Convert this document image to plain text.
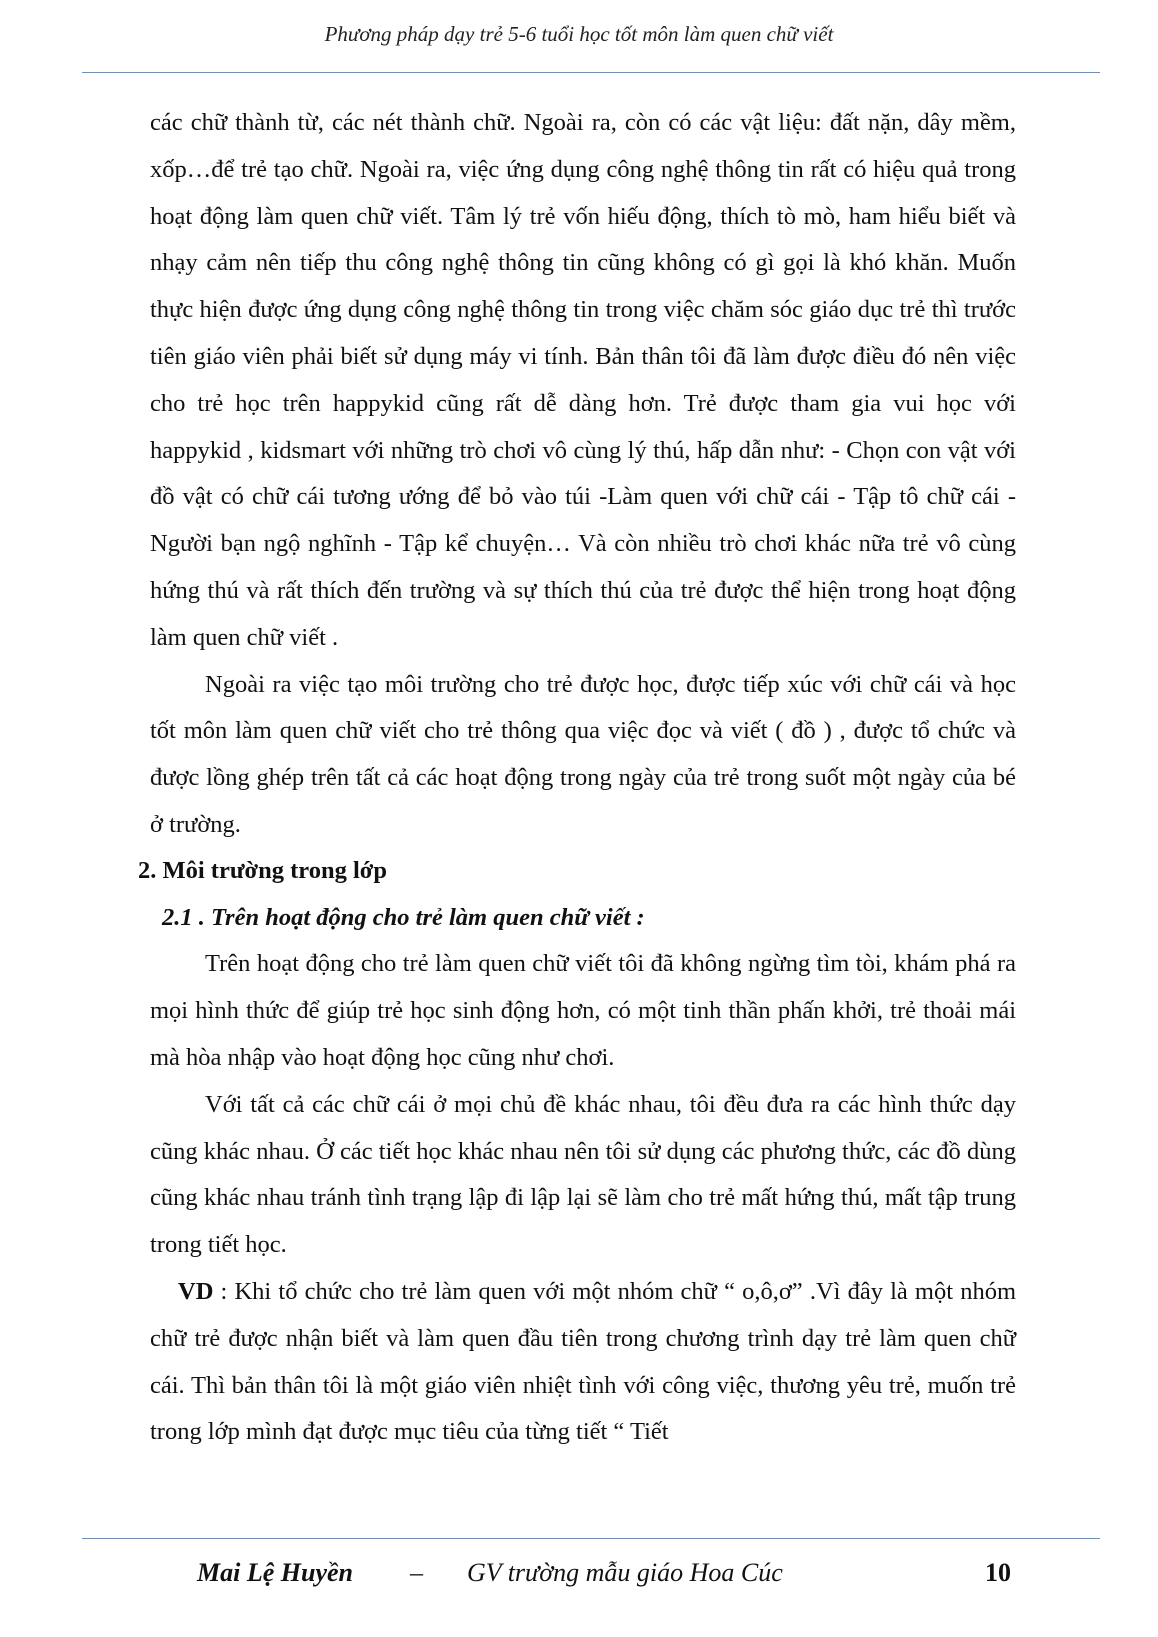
Phương pháp dạy trẻ 5-6 tuổi học tốt môn làm quen chữ viết

các chữ thành từ, các nét thành chữ. Ngoài ra, còn có các vật liệu: đất nặn, dây mềm, xốp…để trẻ tạo chữ. Ngoài ra, việc ứng dụng công nghệ thông tin rất có hiệu quả trong hoạt động làm quen chữ viết. Tâm lý trẻ vốn hiếu động, thích tò mò, ham hiểu biết và nhạy cảm nên tiếp thu công nghệ thông tin cũng không có gì gọi là khó khăn. Muốn thực hiện được ứng dụng công nghệ thông tin trong việc chăm sóc giáo dục trẻ thì trước tiên giáo viên phải biết sử dụng máy vi tính. Bản thân tôi đã làm được điều đó nên việc cho trẻ học trên happykid cũng rất dễ dàng hơn. Trẻ được tham gia vui học với happykid , kidsmart với những trò chơi vô cùng lý thú, hấp dẫn như: - Chọn con vật với đồ vật có chữ cái tương ướng để bỏ vào túi -Làm quen với chữ cái - Tập tô chữ cái - Người bạn ngộ nghĩnh - Tập kể chuyện… Và còn nhiều trò chơi khác nữa trẻ vô cùng hứng thú và rất thích đến trường và sự thích thú của trẻ được thể hiện trong hoạt động làm quen chữ viết .

Ngoài ra việc tạo môi trường cho trẻ được học, được tiếp xúc với chữ cái và học tốt môn làm quen chữ viết cho trẻ thông qua việc đọc và viết ( đồ ) , được tổ chức và được lồng ghép trên tất cả các hoạt động trong ngày của trẻ trong suốt một ngày của bé ở trường.

2. Môi trường trong lớp
2.1 . Trên hoạt động cho trẻ làm quen chữ viết :

Trên hoạt động cho trẻ làm quen chữ viết tôi đã không ngừng tìm tòi, khám phá ra mọi hình thức để giúp trẻ học sinh động hơn, có một tinh thần phấn khởi, trẻ thoải mái mà hòa nhập vào hoạt động học cũng như chơi.

Với tất cả các chữ cái ở mọi chủ đề khác nhau, tôi đều đưa ra các hình thức dạy cũng khác nhau. Ở các tiết học khác nhau nên tôi sử dụng các phương thức, các đồ dùng cũng khác nhau tránh tình trạng lập đi lập lại sẽ làm cho trẻ mất hứng thú, mất tập trung trong tiết học.

VD : Khi tổ chức cho trẻ làm quen với một nhóm chữ “ o,ô,ơ” .Vì đây là một nhóm chữ trẻ được nhận biết và làm quen đầu tiên trong chương trình dạy trẻ làm quen chữ cái. Thì bản thân tôi là một giáo viên nhiệt tình với công việc, thương yêu trẻ, muốn trẻ trong lớp mình đạt được mục tiêu của từng tiết “ Tiết

Mai Lệ Huyền – GV trường mẫu giáo Hoa Cúc	10
